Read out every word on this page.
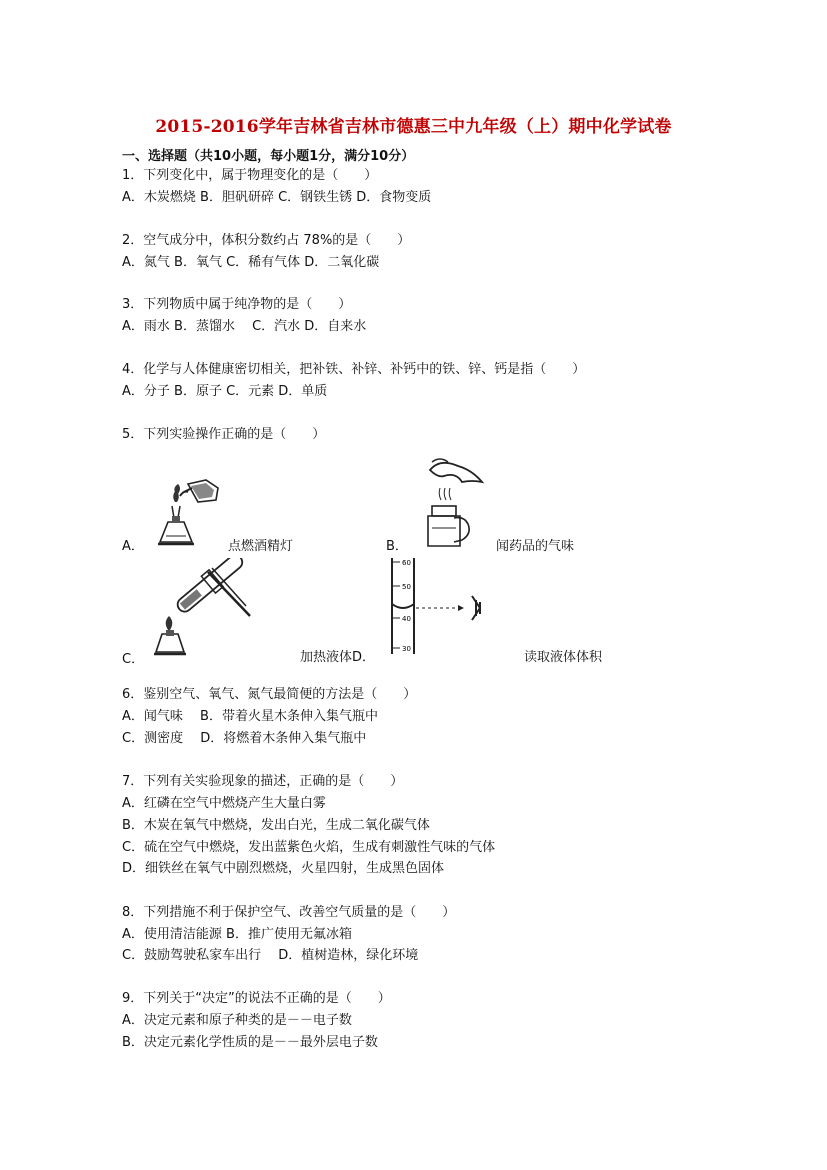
2015-2016学年吉林省吉林市德惠三中九年级（上）期中化学试卷
一、选择题（共10小题，每小题1分，满分10分）
1．下列变化中，属于物理变化的是（　　）
A．木炭燃烧 B．胆矾研碎 C．钢铁生锈 D．食物变质
2．空气成分中，体积分数约占 78%的是（　　）
A．氮气 B．氧气 C．稀有气体 D．二氧化碳
3．下列物质中属于纯净物的是（　　）
A．雨水 B．蒸馏水　 C．汽水 D．自来水
4．化学与人体健康密切相关，把补铁、补锌、补钙中的铁、锌、钙是指（　　）
A．分子 B．原子 C．元素 D．单质
5．下列实验操作正确的是（　　）
A．	点燃酒精灯	B．	闻药品的气味
C．	加热液体D．
60
50
40
30
读取液体体积
6．鉴别空气、氧气、氮气最简便的方法是（　　）
A．闻气味　 B．带着火星木条伸入集气瓶中
C．测密度　 D．将燃着木条伸入集气瓶中
7．下列有关实验现象的描述，正确的是（　　）
A．红磷在空气中燃烧产生大量白雾
B．木炭在氧气中燃烧，发出白光，生成二氧化碳气体
C．硫在空气中燃烧，发出蓝紫色火焰，生成有刺激性气味的气体
D．细铁丝在氧气中剧烈燃烧，火星四射，生成黑色固体
8．下列措施不利于保护空气、改善空气质量的是（　　）
A．使用清洁能源 B．推广使用无氟冰箱
C．鼓励驾驶私家车出行　 D．植树造林，绿化环境
9．下列关于“决定”的说法不正确的是（　　）
A．决定元素和原子种类的是－－电子数
B．决定元素化学性质的是－－最外层电子数
